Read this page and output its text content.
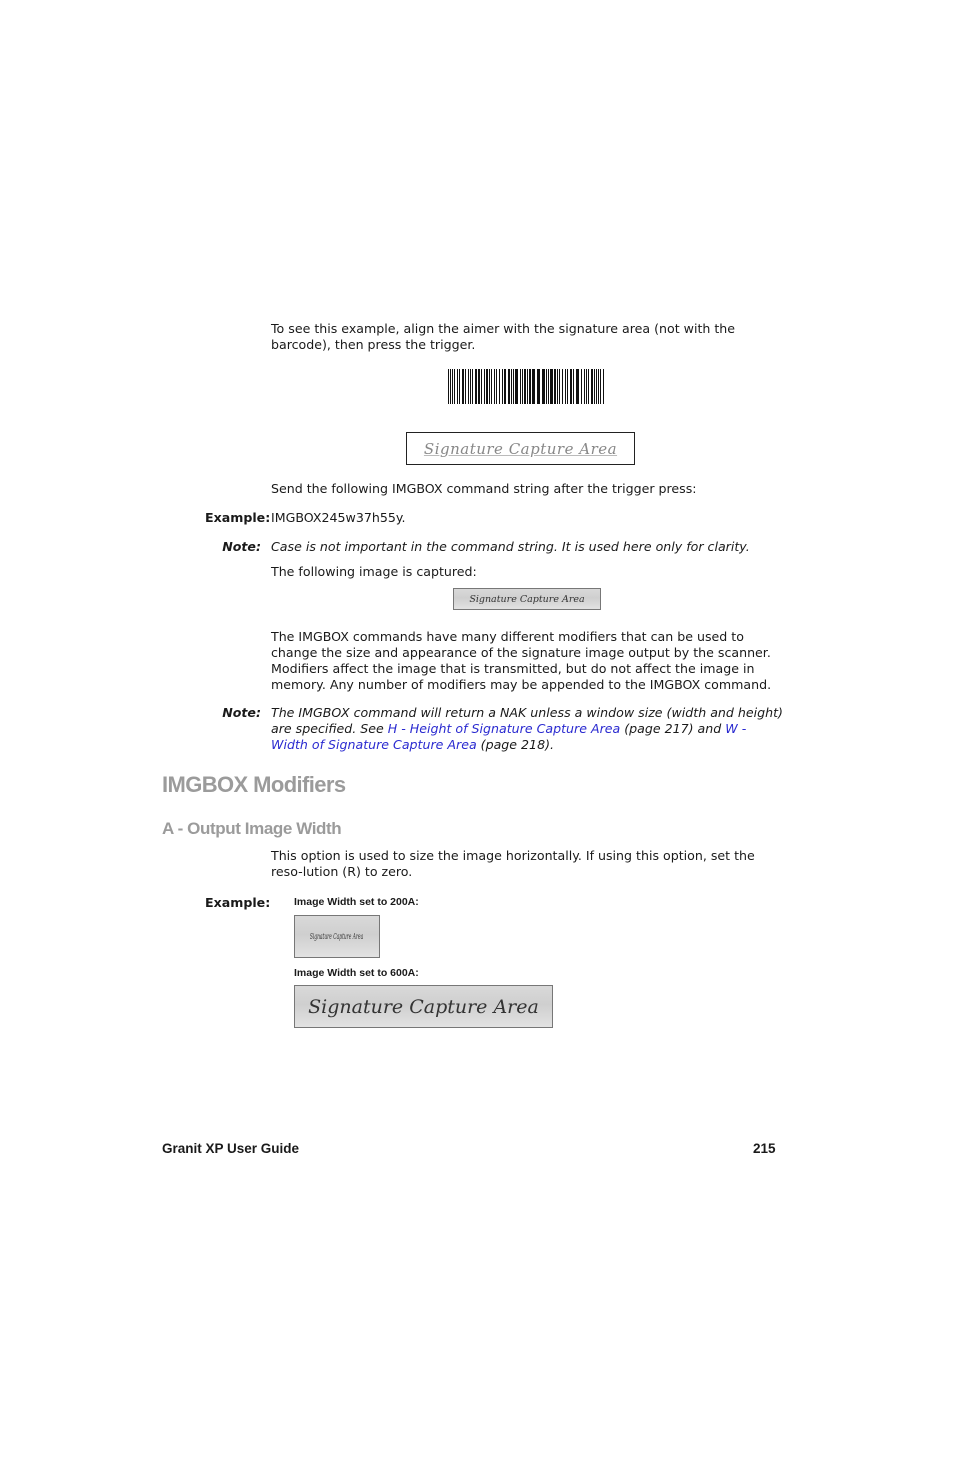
To see this example, align the aimer with the signature area (not with the barcode), then press the trigger.

Signature Capture Area

Send the following IMGBOX command string after the trigger press:

Example: IMGBOX245w37h55y.

Note: Case is not important in the command string. It is used here only for clarity.

The following image is captured:

Signature Capture Area

The IMGBOX commands have many different modifiers that can be used to change the size and appearance of the signature image output by the scanner. Modifiers affect the image that is transmitted, but do not affect the image in memory. Any number of modifiers may be appended to the IMGBOX command.

Note: The IMGBOX command will return a NAK unless a window size (width and height) are specified. See H - Height of Signature Capture Area (page 217) and W - Width of Signature Capture Area (page 218).

IMGBOX Modifiers
A - Output Image Width

This option is used to size the image horizontally. If using this option, set the reso-lution (R) to zero.

Example: Image Width set to 200A:
Signature Capture Area
Image Width set to 600A:
Signature Capture Area
Granit XP User Guide	215
